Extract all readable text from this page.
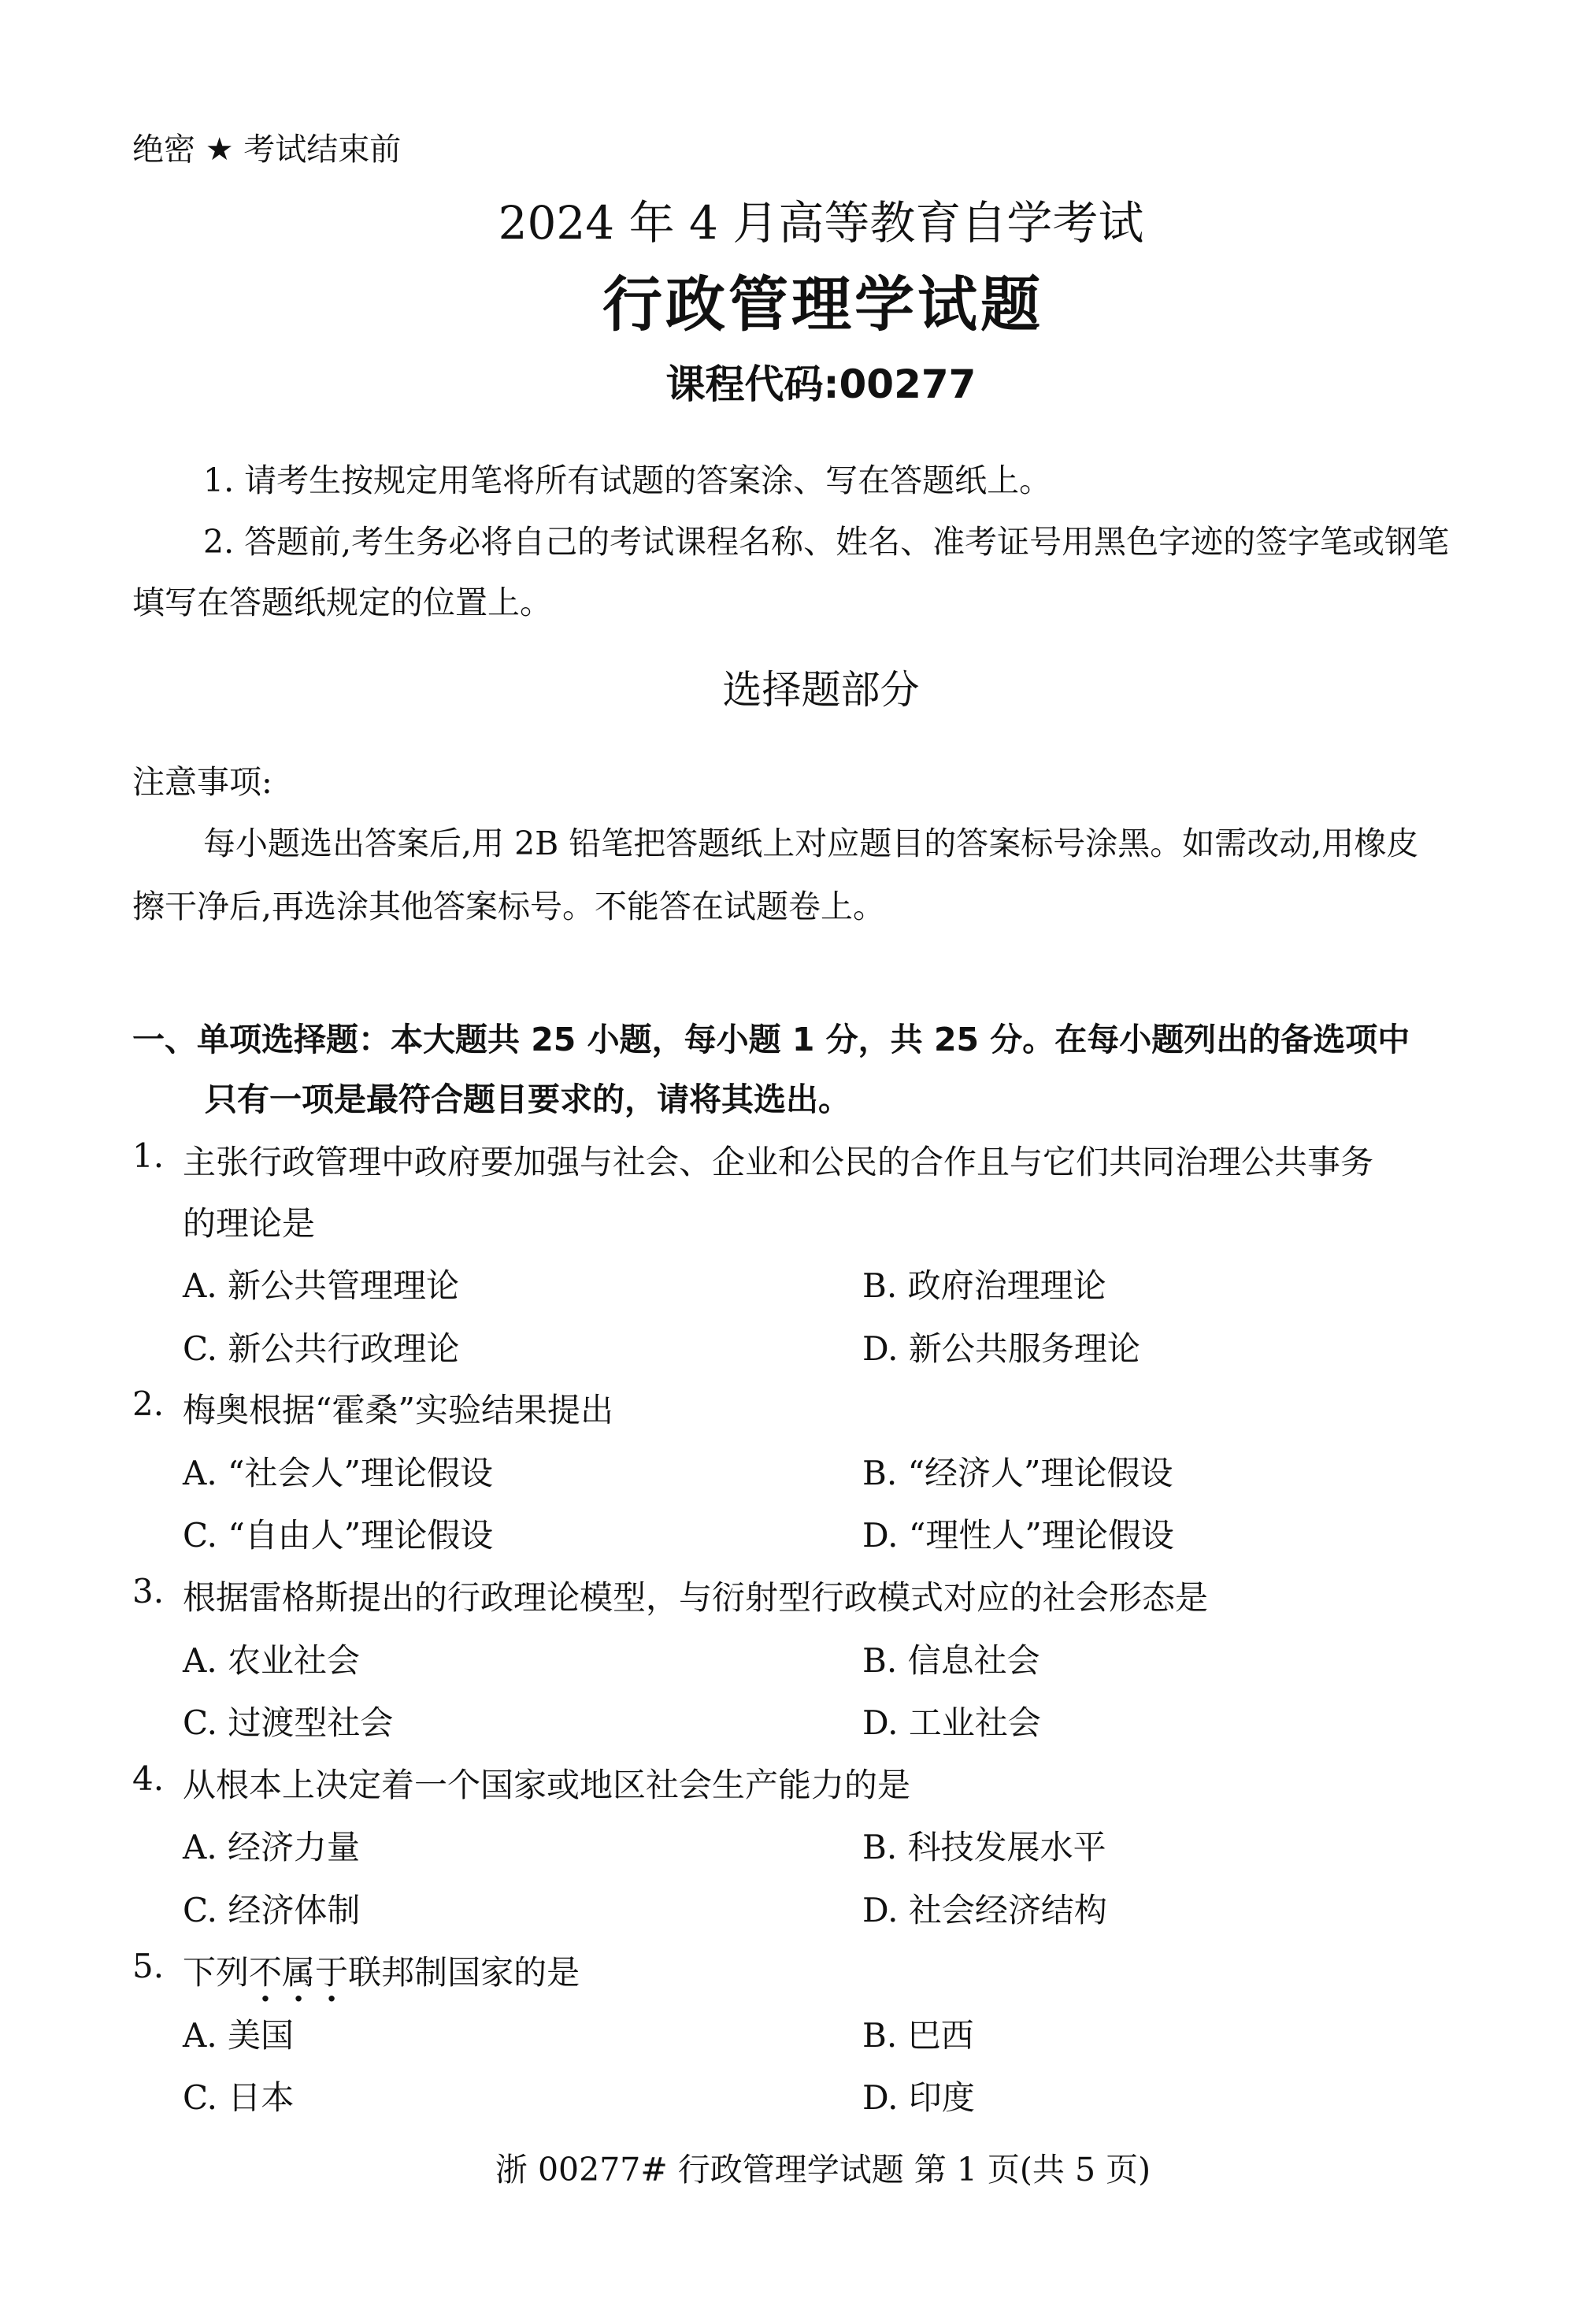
绝密 ★ 考试结束前
2024 年 4 月高等教育自学考试
行政管理学试题
课程代码:00277
1. 请考生按规定用笔将所有试题的答案涂、写在答题纸上。
2. 答题前,考生务必将自己的考试课程名称、姓名、准考证号用黑色字迹的签字笔或钢笔
填写在答题纸规定的位置上。
选择题部分
注意事项:
每小题选出答案后,用 2B 铅笔把答题纸上对应题目的答案标号涂黑。如需改动,用橡皮
擦干净后,再选涂其他答案标号。不能答在试题卷上。
一、单项选择题：本大题共 25 小题，每小题 1 分，共 25 分。在每小题列出的备选项中
只有一项是最符合题目要求的，请将其选出。
1. 主张行政管理中政府要加强与社会、企业和公民的合作且与它们共同治理公共事务
的理论是
A. 新公共管理理论	B. 政府治理理论
C. 新公共行政理论	D. 新公共服务理论
2. 梅奥根据“霍桑”实验结果提出
A. “社会人”理论假设	B. “经济人”理论假设
C. “自由人”理论假设	D. “理性人”理论假设
3. 根据雷格斯提出的行政理论模型，与衍射型行政模式对应的社会形态是
A. 农业社会	B. 信息社会
C. 过渡型社会	D. 工业社会
4. 从根本上决定着一个国家或地区社会生产能力的是
A. 经济力量	B. 科技发展水平
C. 经济体制	D. 社会经济结构
5. 下列不属于联邦制国家的是
A. 美国	B. 巴西
C. 日本	D. 印度
浙 00277# 行政管理学试题 第 1 页(共 5 页)
